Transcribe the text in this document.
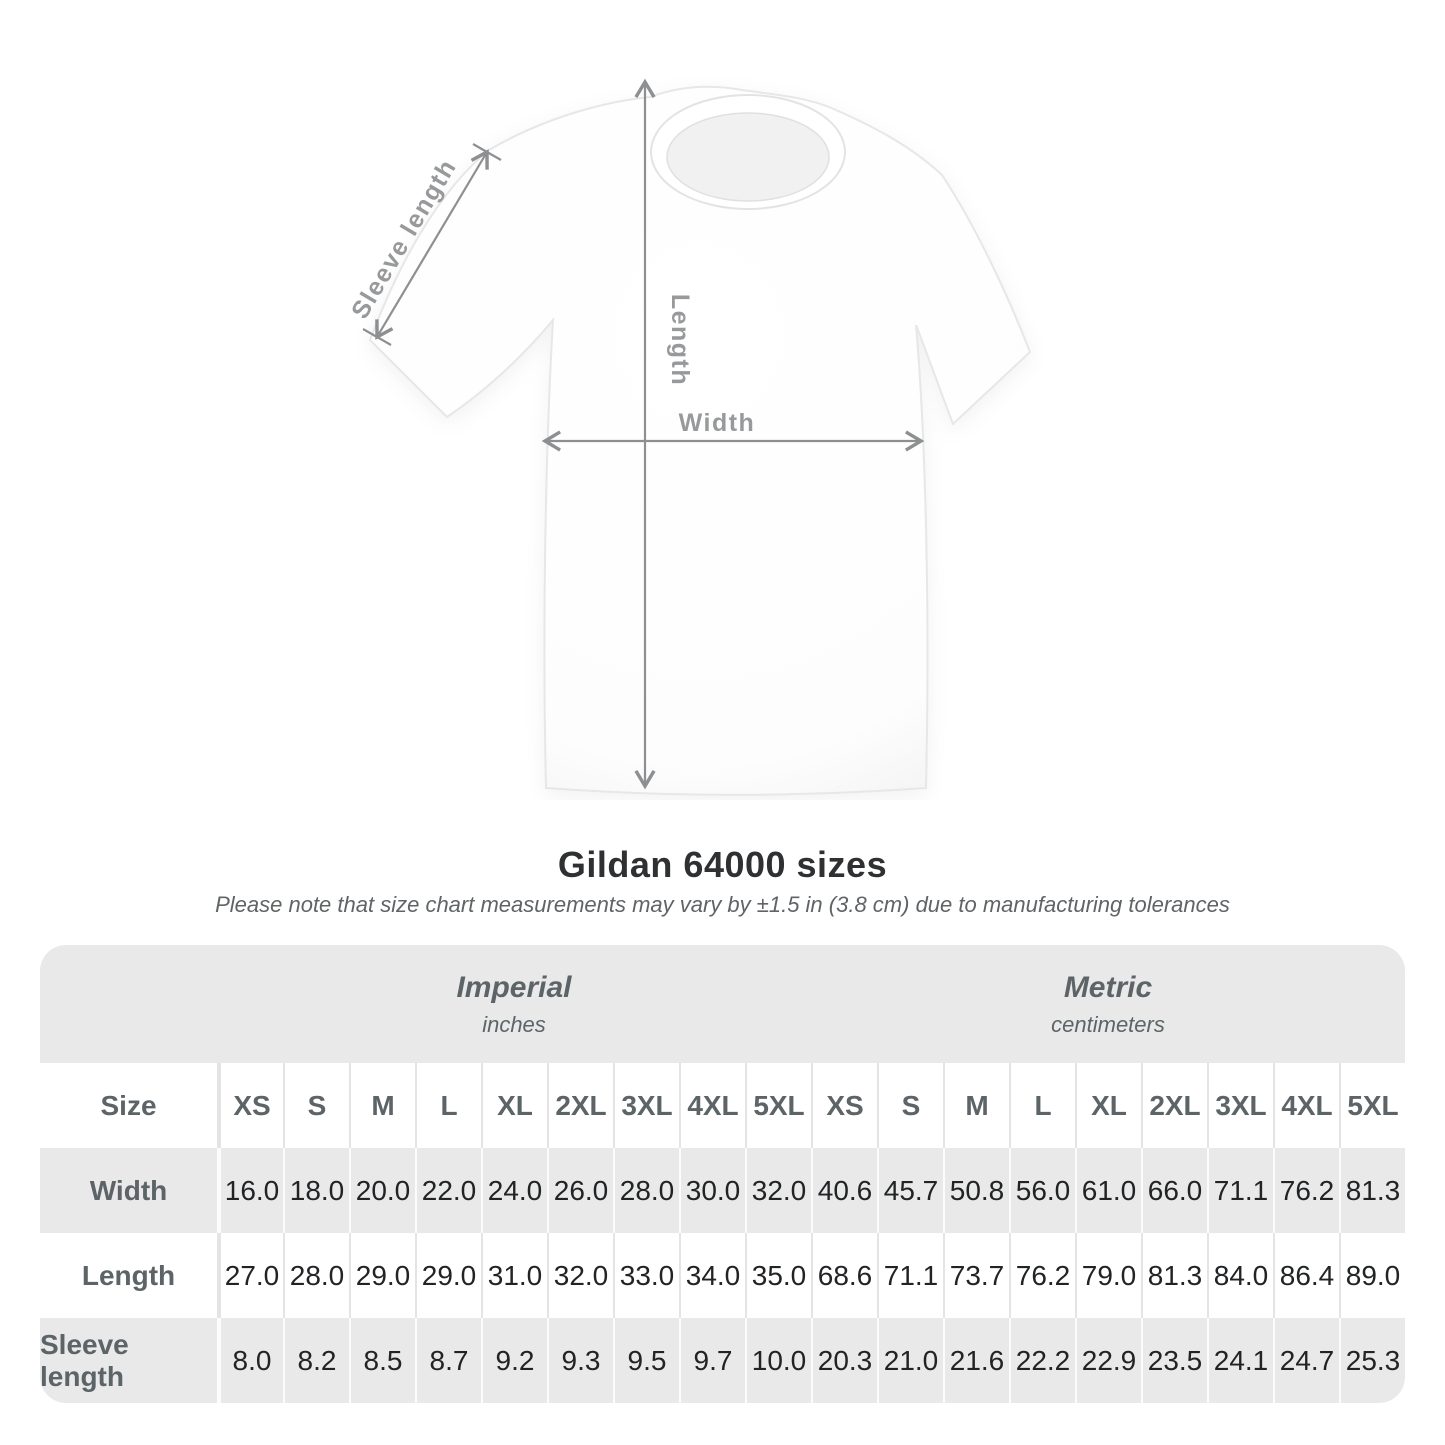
Length
Width
Sleeve length
Gildan 64000 sizes

Please note that size chart measurements may vary by ±1.5 in (3.8 cm) due to manufacturing tolerances

Imperial
inches
Metric
centimeters
Size	XS	S	M	L	XL 2XL 3XL 4XL 5XL XS	S	M	L	XL 2XL 3XL 4XL 5XL
Width	16.0 18.0 20.0 22.0 24.0 26.0 28.0 30.0 32.0 40.6 45.7 50.8 56.0 61.0 66.0 71.1 76.2 81.3
Length	27.0 28.0 29.0 29.0 31.0 32.0 33.0 34.0 35.0 68.6 71.1 73.7 76.2 79.0 81.3 84.0 86.4 89.0
Sleeve length
8.0 8.2 8.5 8.7 9.2 9.3 9.5 9.7 10.0 20.3 21.0 21.6 22.2 22.9 23.5 24.1 24.7 25.3
